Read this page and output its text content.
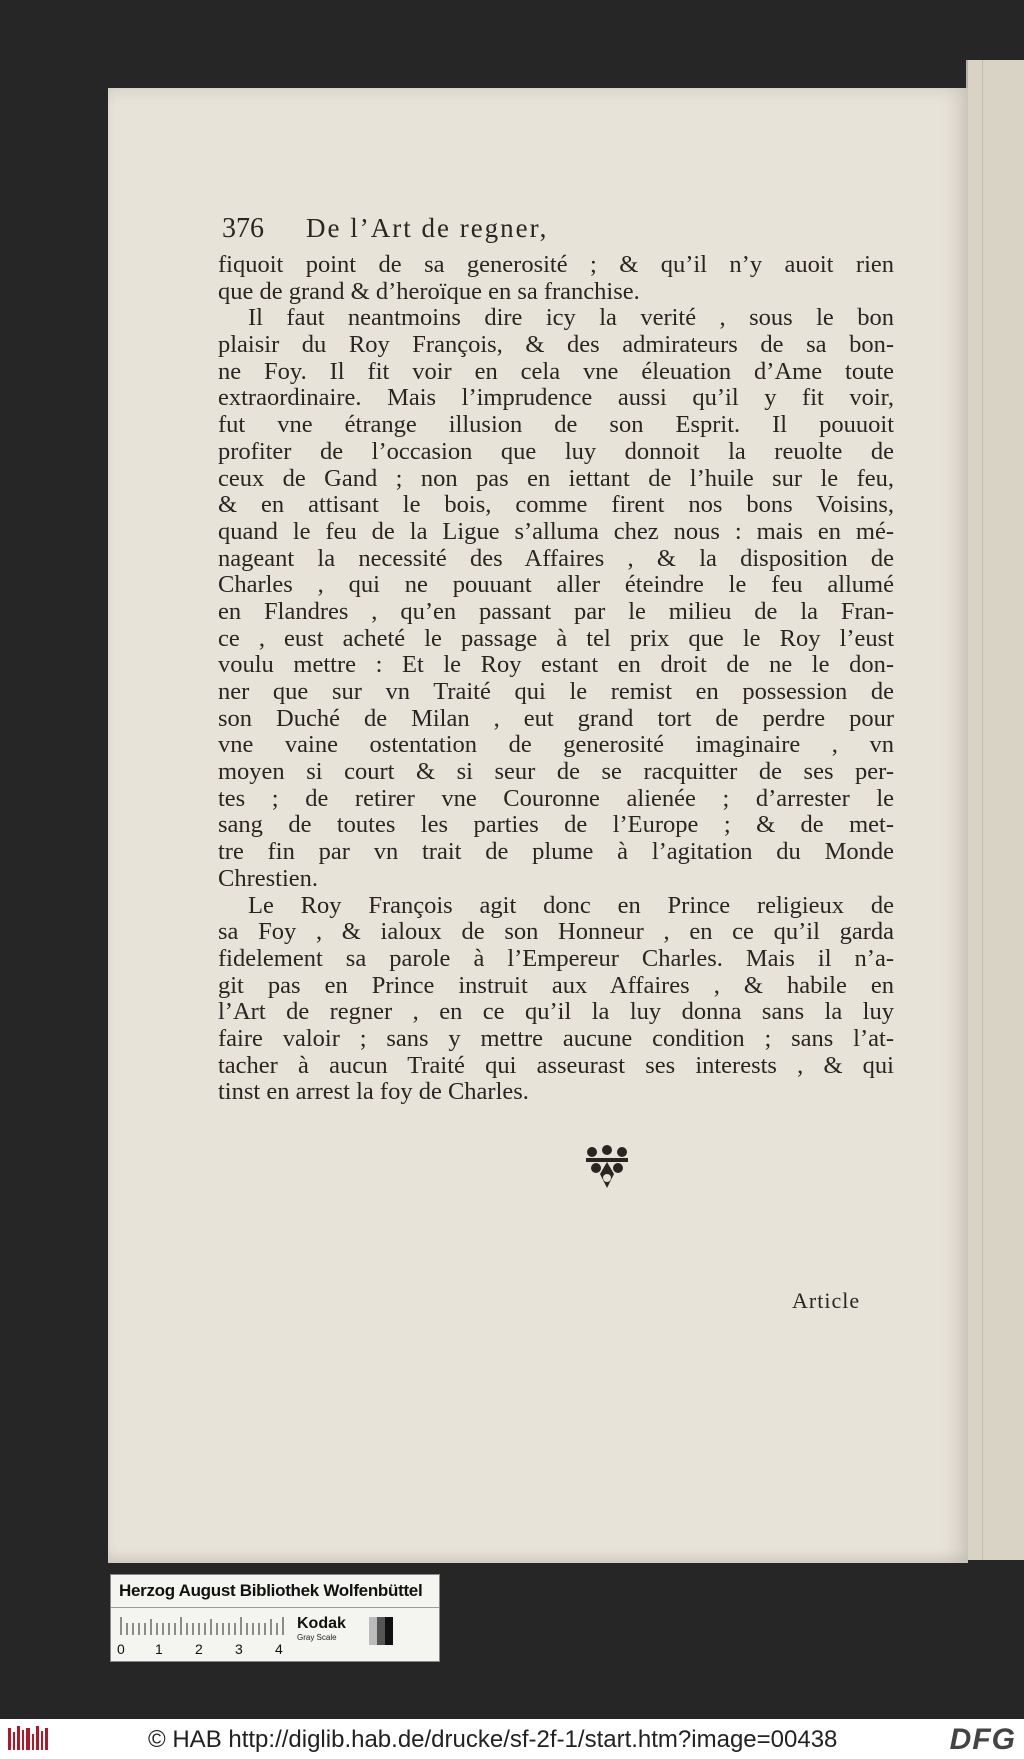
376 De l’Art de regner,
fiquoit point de sa generosité ; & qu’il n’y auoit rien
que de grand & d’heroïque en sa franchise.
Il faut neantmoins dire icy la verité , sous le bon
plaisir du Roy François, & des admirateurs de sa bon-
ne Foy. Il fit voir en cela vne éleuation d’Ame toute
extraordinaire. Mais l’imprudence aussi qu’il y fit voir,
fut vne étrange illusion de son Esprit. Il pouuoit
profiter de l’occasion que luy donnoit la reuolte de
ceux de Gand ; non pas en iettant de l’huile sur le feu,
& en attisant le bois, comme firent nos bons Voisins,
quand le feu de la Ligue s’alluma chez nous : mais en mé-
nageant la necessité des Affaires , & la disposition de
Charles , qui ne pouuant aller éteindre le feu allumé
en Flandres , qu’en passant par le milieu de la Fran-
ce , eust acheté le passage à tel prix que le Roy l’eust
voulu mettre : Et le Roy estant en droit de ne le don-
ner que sur vn Traité qui le remist en possession de
son Duché de Milan , eut grand tort de perdre pour
vne vaine ostentation de generosité imaginaire , vn
moyen si court & si seur de se racquitter de ses per-
tes ; de retirer vne Couronne alienée ; d’arrester le
sang de toutes les parties de l’Europe ; & de met-
tre fin par vn trait de plume à l’agitation du Monde
Chrestien.
Le Roy François agit donc en Prince religieux de
sa Foy , & ialoux de son Honneur , en ce qu’il garda
fidelement sa parole à l’Empereur Charles. Mais il n’a-
git pas en Prince instruit aux Affaires , & habile en
l’Art de regner , en ce qu’il la luy donna sans la luy
faire valoir ; sans y mettre aucune condition ; sans l’at-
tacher à aucun Traité qui asseurast ses interests , & qui
tinst en arrest la foy de Charles.
Article
Herzog August Bibliothek Wolfenbüttel
0 1 2 3 4
Kodak
Gray Scale
© HAB http://diglib.hab.de/drucke/sf-2f-1/start.htm?image=00438	DFG
